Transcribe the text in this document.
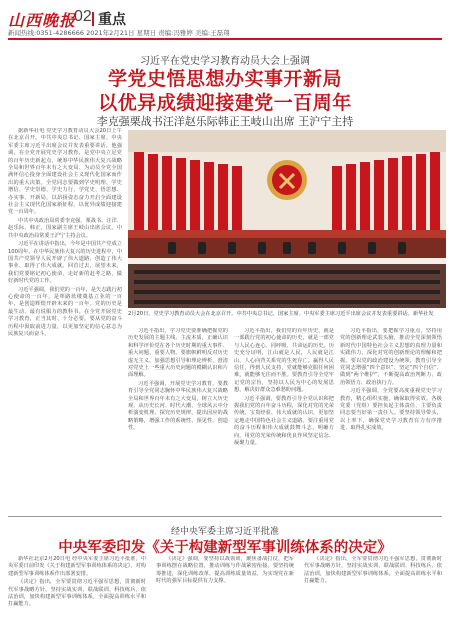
山西晚报
02 重点
新闻热线:0351-4286666 2021年2月21日 星期日 责编:冯雅婷 美编:王磊翔
习近平在党史学习教育动员大会上强调
学党史悟思想办实事开新局
以优异成绩迎接建党一百周年
李克强栗战书汪洋赵乐际韩正王岐山出席 王沪宁主持

据新华社电 党史学习教育动员大会20日上午在北京召开。中共中央总书记、国家主席、中央军委主席习近平出席会议并发表重要讲话。他强调，在全党开展党史学习教育，是党中央立足党的百年历史新起点、统筹中华民族伟大复兴战略全局和世界百年未有之大变局、为动员全党全国满怀信心投身全面建设社会主义现代化国家而作出的重大决策。全党同志要做到学史明理、学史增信、学史崇德、学史力行，学党史、悟思想、办实事、开新局，以昂扬姿态奋力开启全面建设社会主义现代化国家新征程，以优异成绩迎接建党一百周年。

中共中央政治局常委李克强、栗战书、汪洋、赵乐际、韩正，国家副主席王岐山出席会议。中共中央政治局常委王沪宁主持会议。

习近平在讲话中指出，今年是中国共产党成立100周年。在中华民族伟大复兴的历史进程中，中国共产党领导人民开辟了伟大道路、创造了伟大事业、取得了伟大成就。回首过去，展望未来，我们党要铭记初心使命，走好新的赶考之路，做好新时代党的工作。

习近平强调，我们党的一百年，是矢志践行初心使命的一百年，是筚路蓝缕奠基立业的一百年，是创造辉煌开辟未来的一百年。党的历史是最生动、最有说服力的教科书。在全党开展党史学习教育，正当其时、十分必要。要从党的奋斗历程中汲取前进力量，以更加坚定的信心意志为民族复兴而奋斗。

2月20日，党史学习教育动员大会在北京召开。中共中央总书记、国家主席、中央军委主席习近平出席会议并发表重要讲话。新华社发

习近平指出，学习党史要准确把握党的历史发展的主题主线、主流本质，正确认识和科学评价党在各个历史时期的重大事件、重大问题、重要人物。要旗帜鲜明反对历史虚无主义，加强思想引导和理论辨析，澄清对党史上一些重大历史问题的模糊认识和片面理解。

习近平强调，开展党史学习教育，要教育引导全党同志胸怀中华民族伟大复兴战略全局和世界百年未有之大变局，树立大历史观，从历史长河、时代大潮、全球风云中分析演变机理、探究历史规律，提出因应的战略策略，增强工作的系统性、预见性、创造性。

习近平指出，我们党的百年历史，就是一部践行党的初心使命的历史，就是一部党与人民心连心、同呼吸、共命运的历史。历史充分证明，江山就是人民，人民就是江山，人心向背关系党的生死存亡。赢得人民信任，得到人民支持，党就能够克服任何困难，就能够无往而不胜。要教育引导全党牢记党的宗旨，坚持以人民为中心的发展思想，解决好群众急难愁盼问题。

习近平强调，要教育引导全党认识和把握我们党的百年奋斗历程，深化对党的光荣传统、宝贵经验、伟大成就的认识，更加坚定地走中国特色社会主义道路。要注重用党的奋斗历程和伟大成就鼓舞斗志、明确方向，用党的光荣传统和优良作风坚定信念、凝聚力量。

习近平指出，要把握学习重点，坚持用党的创新理论武装头脑，推动全党深刻领悟新时代中国特色社会主义思想的真理力量和实践伟力，深化对党的创新理论的理解和把握。要以党的政治建设为统领，教育引导全党同志增强“四个意识”、坚定“四个自信”、做到“两个维护”，不断提高政治判断力、政治领悟力、政治执行力。

习近平强调，全党要高度重视党史学习教育，精心组织实施，确保取得实效。各级党委（党组）要担负起主体责任，主要负责同志要当好第一责任人。要坚持领导带头，以上率下，确保党史学习教育有力有序推进、取得扎实成效。

经中央军委主席习近平批准
中央军委印发《关于构建新型军事训练体系的决定》

新华社北京2月20日电 经中央军委主席习近平批准，中央军委日前印发《关于构建新型军事训练体系的决定》，对构建新型军事训练体系作出部署安排。

《决定》指出，全军要贯彻习近平强军思想，贯彻新时代军事战略方针，坚持实战实训、联战联训、科技练兵、依法治训，加快构建新型军事训练体系，全面提高训练水平和打赢能力。

《决定》强调，要坚持以战领训，聚焦备战打仗，把军事训练摆在战略位置，推动训练与作战紧密衔接。要坚持统筹推进，深化训练改革，提高训练质量效益，为实现党在新时代的强军目标提供有力支撑。

《决定》指出，全军要贯彻习近平强军思想，贯彻新时代军事战略方针，坚持实战实训、联战联训、科技练兵、依法治训，加快构建新型军事训练体系，全面提高训练水平和打赢能力。
